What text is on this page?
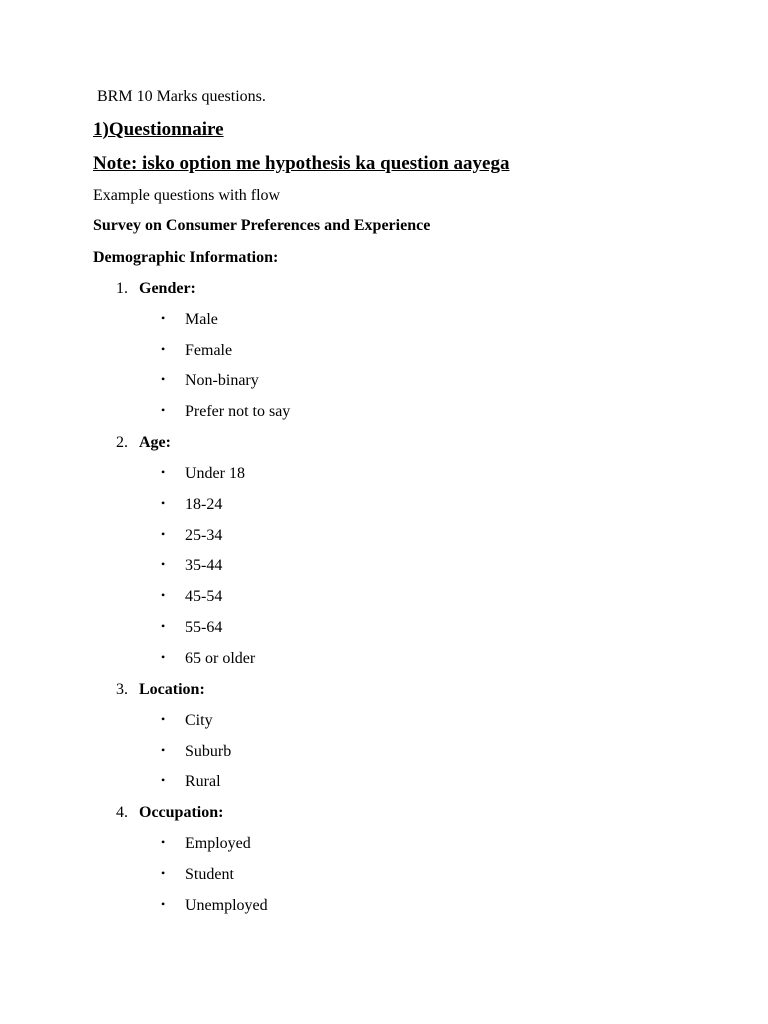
BRM 10 Marks questions.
1)Questionnaire
Note: isko option me hypothesis ka question aayega
Example questions with flow
Survey on Consumer Preferences and Experience
Demographic Information:
1. Gender:
• Male
• Female
• Non-binary
• Prefer not to say
2. Age:
• Under 18
• 18-24
• 25-34
• 35-44
• 45-54
• 55-64
• 65 or older
3. Location:
• City
• Suburb
• Rural
4. Occupation:
• Employed
• Student
• Unemployed
